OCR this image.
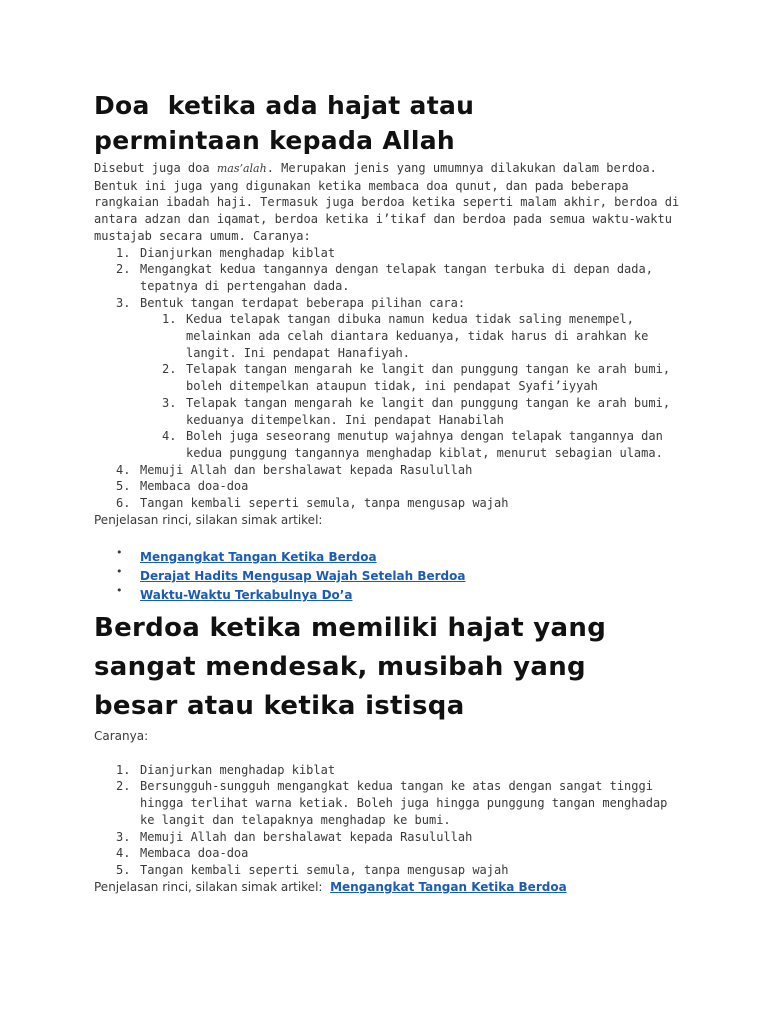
Doa  ketika ada hajat atau
permintaan kepada Allah

Disebut juga doa mas’alah. Merupakan jenis yang umumnya dilakukan dalam berdoa. Bentuk ini juga yang digunakan ketika membaca doa qunut, dan pada beberapa rangkaian ibadah haji. Termasuk juga berdoa ketika seperti malam akhir, berdoa di antara adzan dan iqamat, berdoa ketika i’tikaf dan berdoa pada semua waktu-waktu mustajab secara umum. Caranya:

1. Dianjurkan menghadap kiblat
2. Mengangkat kedua tangannya dengan telapak tangan terbuka di depan dada, tepatnya di pertengahan dada.
3. Bentuk tangan terdapat beberapa pilihan cara:
1. Kedua telapak tangan dibuka namun kedua tidak saling menempel, melainkan ada celah diantara keduanya, tidak harus di arahkan ke langit. Ini pendapat Hanafiyah.
2. Telapak tangan mengarah ke langit dan punggung tangan ke arah bumi, boleh ditempelkan ataupun tidak, ini pendapat Syafi’iyyah
3. Telapak tangan mengarah ke langit dan punggung tangan ke arah bumi, keduanya ditempelkan. Ini pendapat Hanabilah
4. Boleh juga seseorang menutup wajahnya dengan telapak tangannya dan kedua punggung tangannya menghadap kiblat, menurut sebagian ulama.
4. Memuji Allah dan bershalawat kepada Rasulullah
5. Membaca doa-doa
6. Tangan kembali seperti semula, tanpa mengusap wajah

Penjelasan rinci, silakan simak artikel:

• Mengangkat Tangan Ketika Berdoa
• Derajat Hadits Mengusap Wajah Setelah Berdoa
• Waktu-Waktu Terkabulnya Do’a
Berdoa ketika memiliki hajat yang
sangat mendesak, musibah yang
besar atau ketika istisqa

Caranya:

1. Dianjurkan menghadap kiblat
2. Bersungguh-sungguh mengangkat kedua tangan ke atas dengan sangat tinggi hingga terlihat warna ketiak. Boleh juga hingga punggung tangan menghadap ke langit dan telapaknya menghadap ke bumi.
3. Memuji Allah dan bershalawat kepada Rasulullah
4. Membaca doa-doa
5. Tangan kembali seperti semula, tanpa mengusap wajah

Penjelasan rinci, silakan simak artikel:  Mengangkat Tangan Ketika Berdoa
